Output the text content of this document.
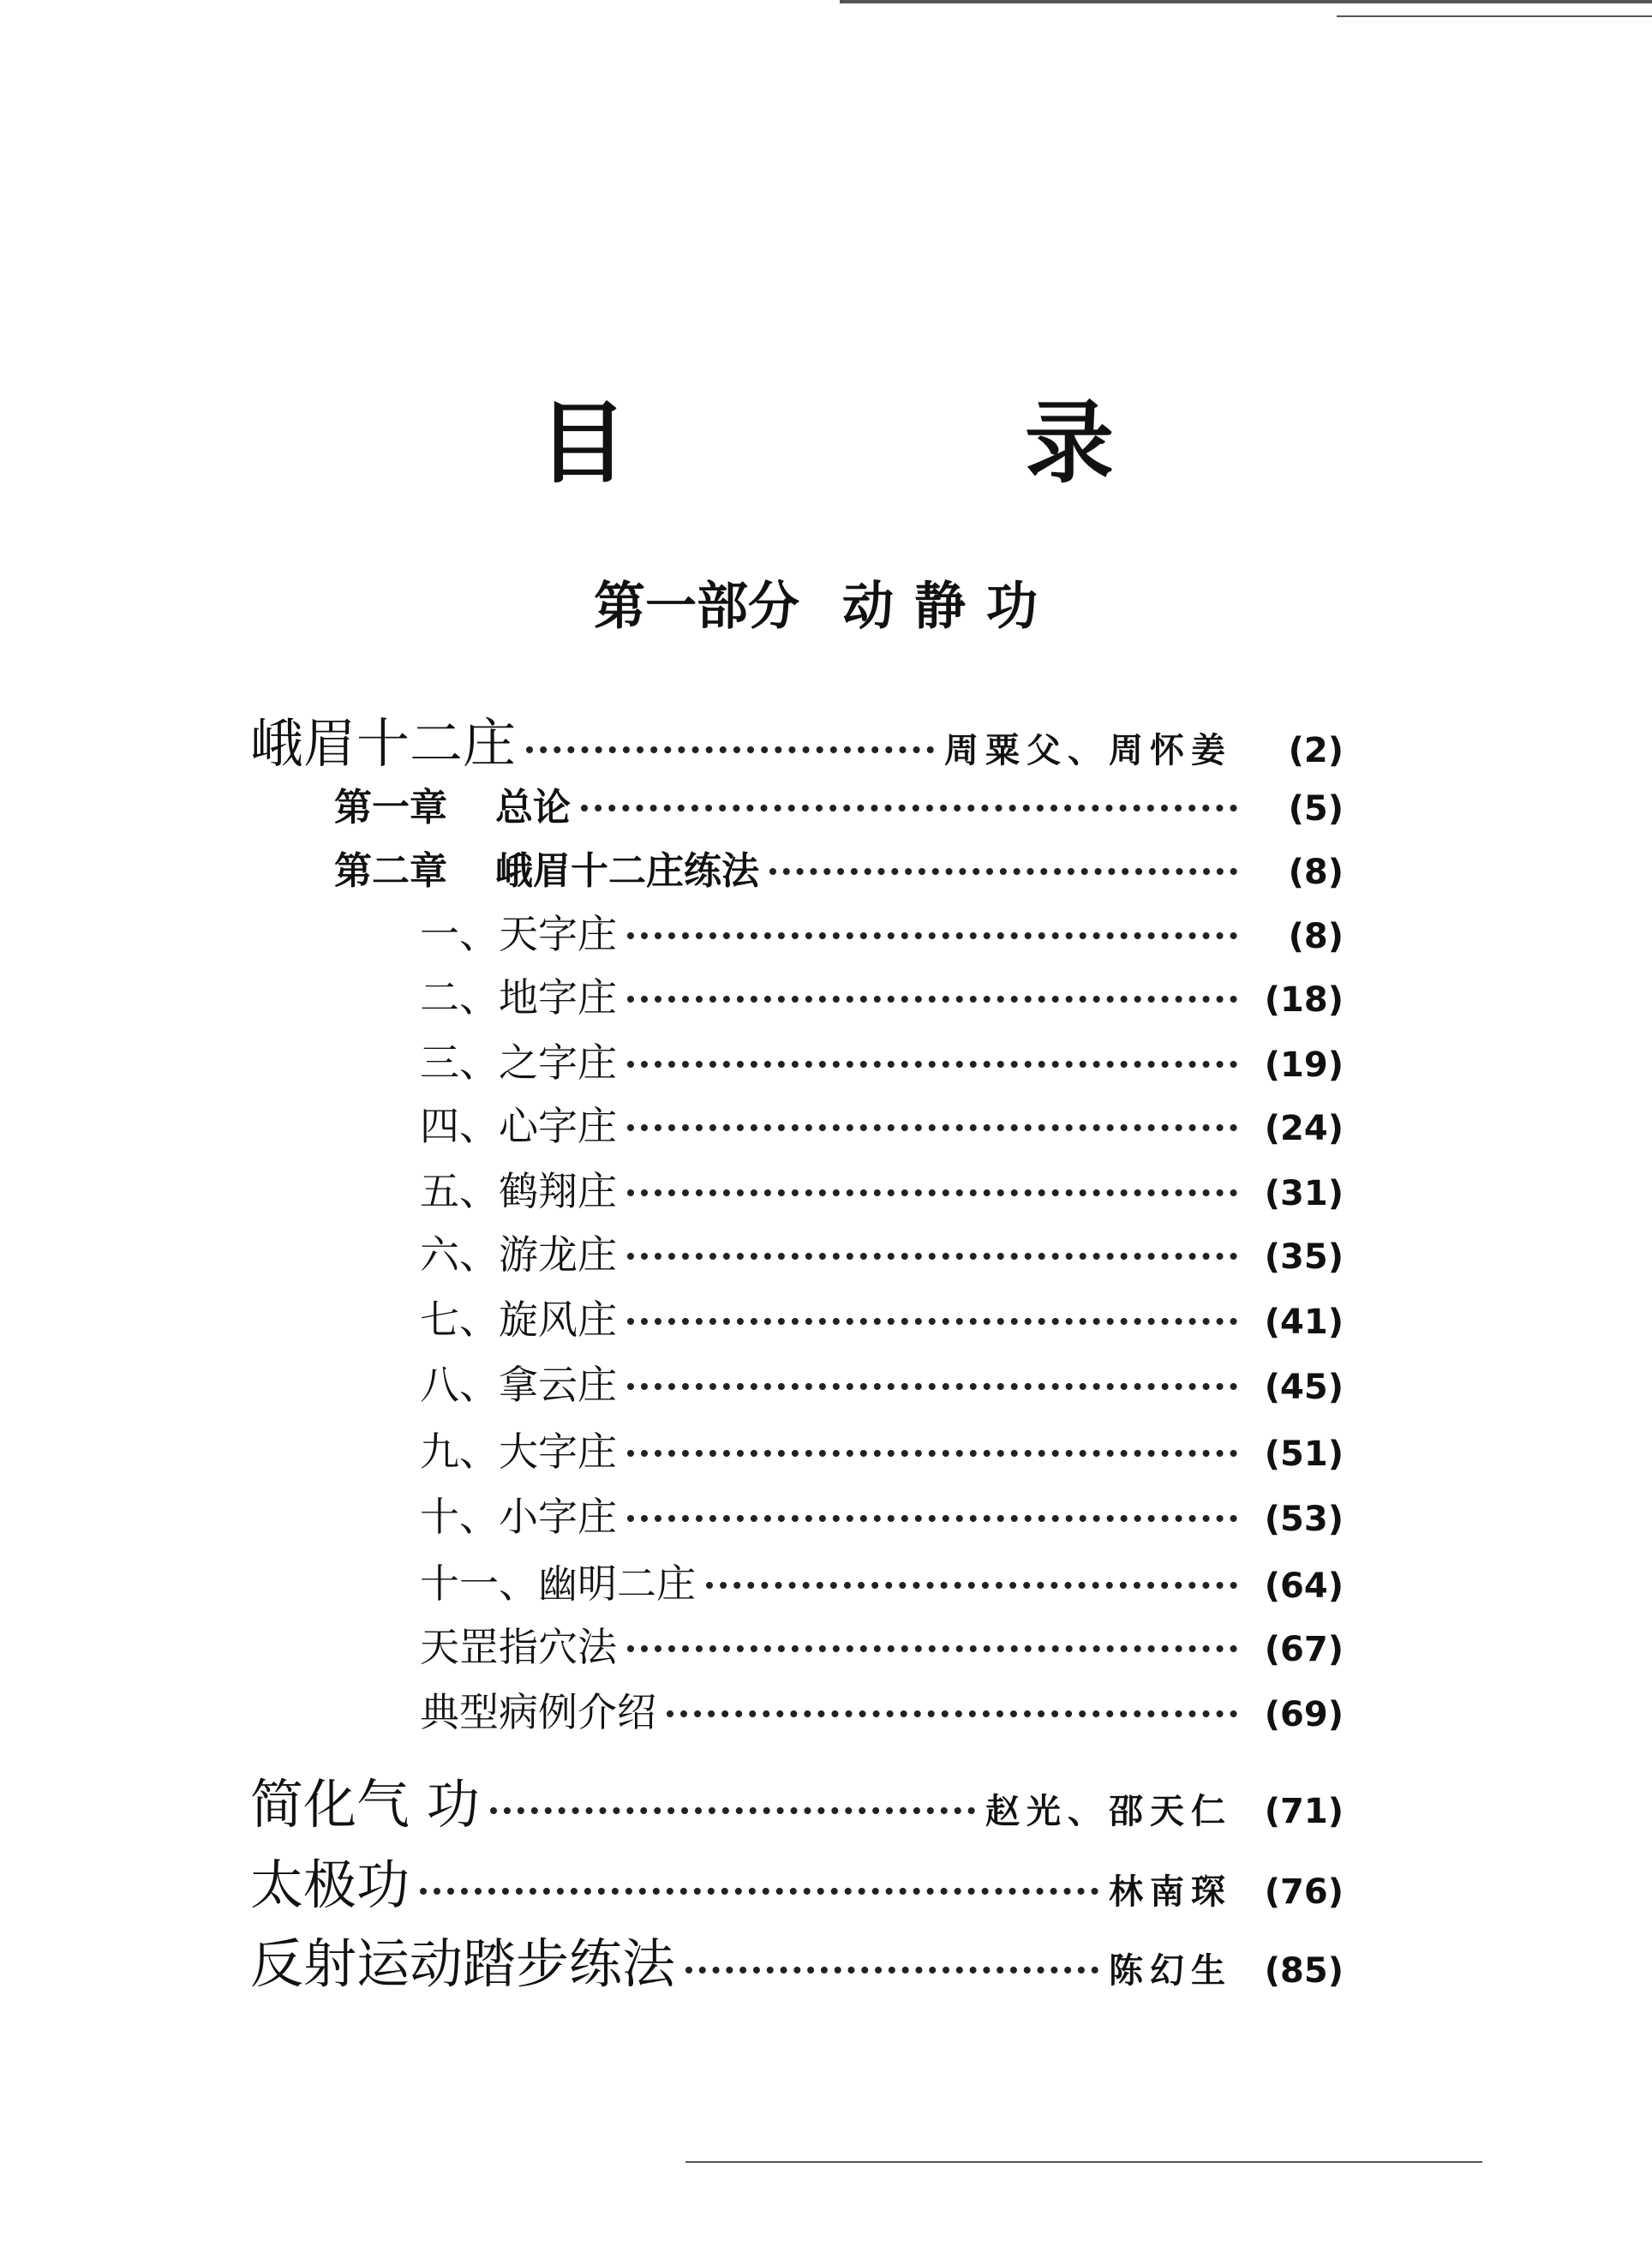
目　录
第一部分 动静功
峨眉十二庄	周粟父、周怀姜	(2)
第一章 总论	(5)
第二章 峨眉十二庄练法	(8)
一、天字庄	(8)
二、地字庄	(18)
三、之字庄	(19)
四、心字庄	(24)
五、鹤翔庄	(31)
六、游龙庄	(35)
七、旋风庄	(41)
八、拿云庄	(45)
九、大字庄	(51)
十、小字庄	(53)
十一、幽明二庄	(64)
天罡指穴法	(67)
典型病例介绍	(69)
简化气 功	赵光、邵天仁 (71)
太极功	林南琛 (76)
反射运动踏步练法	陈幻生 (85)
